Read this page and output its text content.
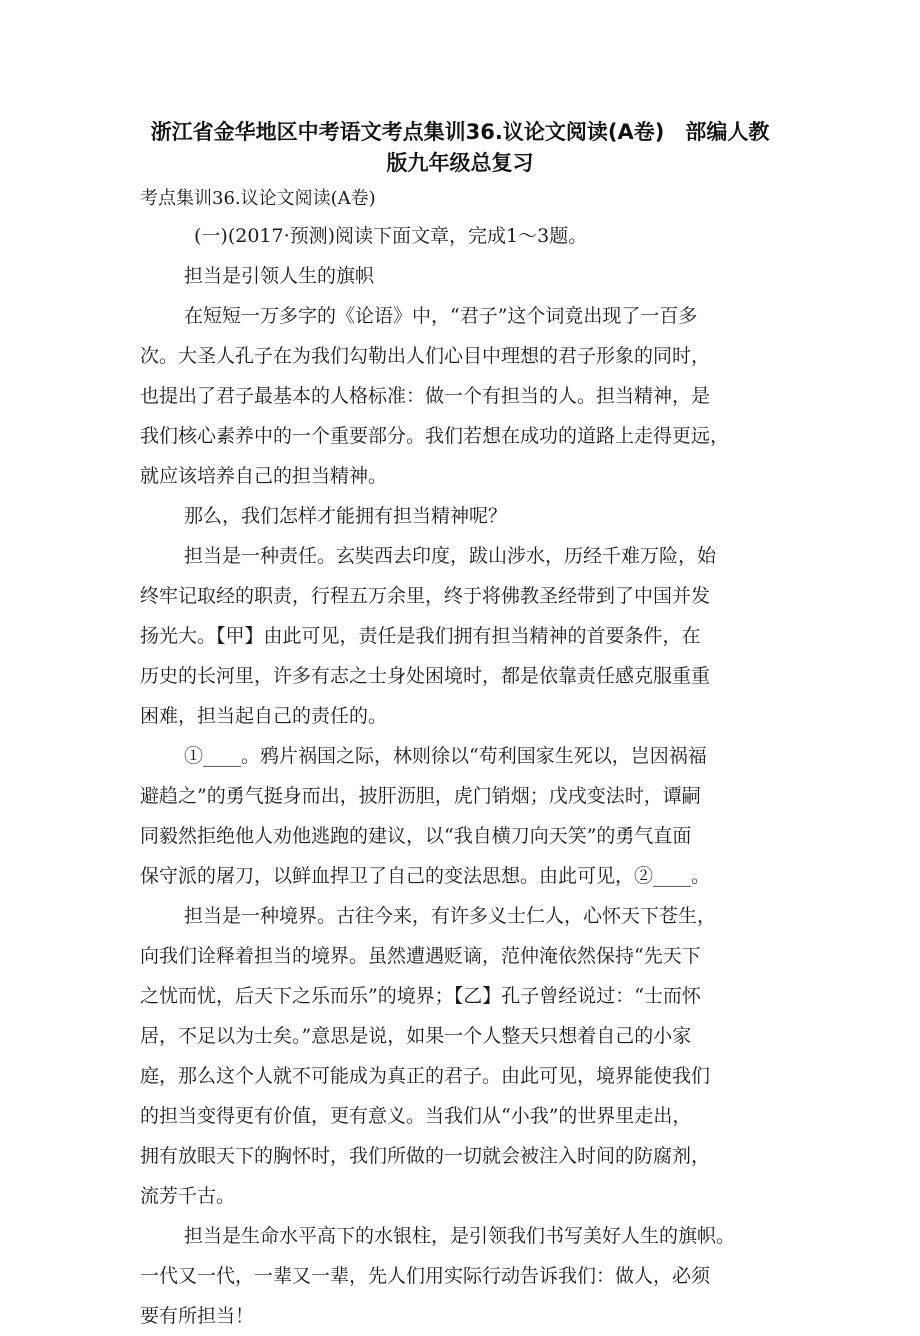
浙江省金华地区中考语文考点集训36.议论文阅读(A卷)　部编人教
版九年级总复习
考点集训36.议论文阅读(A卷)
(一)(2017·预测)阅读下面文章，完成1～3题。
担当是引领人生的旗帜
在短短一万多字的《论语》中，“君子”这个词竟出现了一百多
次。大圣人孔子在为我们勾勒出人们心目中理想的君子形象的同时，
也提出了君子最基本的人格标准：做一个有担当的人。担当精神，是
我们核心素养中的一个重要部分。我们若想在成功的道路上走得更远，
就应该培养自己的担当精神。
那么，我们怎样才能拥有担当精神呢？
担当是一种责任。玄奘西去印度，跋山涉水，历经千难万险，始
终牢记取经的职责，行程五万余里，终于将佛教圣经带到了中国并发
扬光大。【甲】由此可见，责任是我们拥有担当精神的首要条件，在
历史的长河里，许多有志之士身处困境时，都是依靠责任感克服重重
困难，担当起自己的责任的。
①____。鸦片祸国之际，林则徐以“苟利国家生死以，岂因祸福
避趋之”的勇气挺身而出，披肝沥胆，虎门销烟；戊戌变法时，谭嗣
同毅然拒绝他人劝他逃跑的建议，以“我自横刀向天笑”的勇气直面
保守派的屠刀，以鲜血捍卫了自己的变法思想。由此可见，②____。
担当是一种境界。古往今来，有许多义士仁人，心怀天下苍生，
向我们诠释着担当的境界。虽然遭遇贬谪，范仲淹依然保持“先天下
之忧而忧，后天下之乐而乐”的境界；【乙】孔子曾经说过：“士而怀
居，不足以为士矣。”意思是说，如果一个人整天只想着自己的小家
庭，那么这个人就不可能成为真正的君子。由此可见，境界能使我们
的担当变得更有价值，更有意义。当我们从“小我”的世界里走出，
拥有放眼天下的胸怀时，我们所做的一切就会被注入时间的防腐剂，
流芳千古。
担当是生命水平高下的水银柱，是引领我们书写美好人生的旗帜。
一代又一代，一辈又一辈，先人们用实际行动告诉我们：做人，必须
要有所担当！
